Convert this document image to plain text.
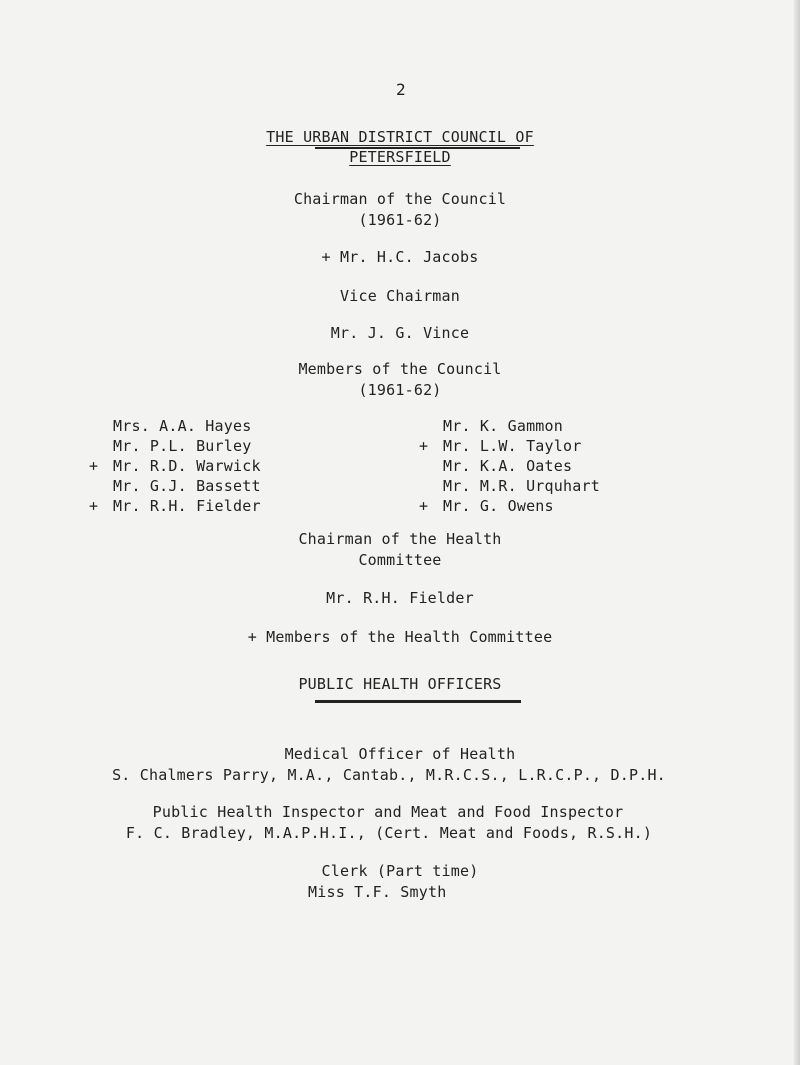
2
THE URBAN DISTRICT COUNCIL OF
PETERSFIELD
Chairman of the Council
(1961-62)
+ Mr. H.C. Jacobs
Vice Chairman
Mr. J. G. Vince
Members of the Council
(1961-62)
Mrs. A.A. Hayes
Mr. P.L. Burley
+ Mr. R.D. Warwick
Mr. G.J. Bassett
+ Mr. R.H. Fielder
Mr. K. Gammon
+ Mr. L.W. Taylor
Mr. K.A. Oates
Mr. M.R. Urquhart
+ Mr. G. Owens
Chairman of the Health
Committee
Mr. R.H. Fielder
+ Members of the Health Committee
PUBLIC HEALTH OFFICERS
Medical Officer of Health
S. Chalmers Parry, M.A., Cantab., M.R.C.S., L.R.C.P., D.P.H.
Public Health Inspector and Meat and Food Inspector
F. C. Bradley, M.A.P.H.I., (Cert. Meat and Foods, R.S.H.)
Clerk (Part time)
Miss T.F. Smyth
